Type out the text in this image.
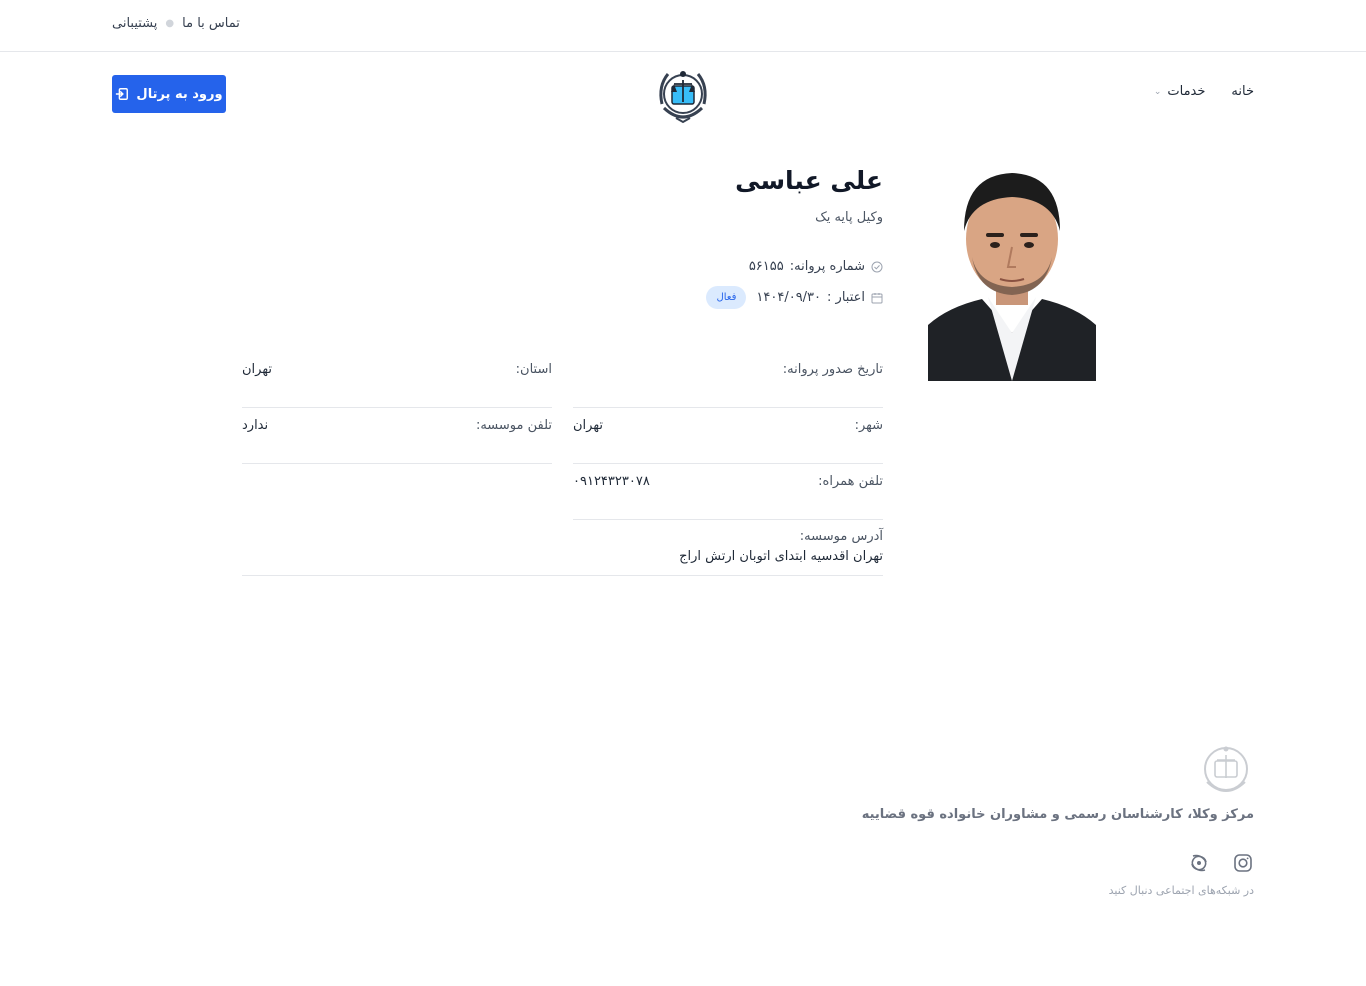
تماس با ما
●
پشتیبانی
خانه
خدمات
⌄
ورود به پرتال
علی عباسی
وکیل پایه یک
شماره پروانه:
۵۶۱۵۵
اعتبار :
۱۴۰۴/۰۹/۳۰
فعال
تاریخ صدور پروانه:
استان:
تهران
شهر:
تهران
تلفن موسسه:
ندارد
تلفن همراه:
۰۹۱۲۴۳۲۳۰۷۸
آدرس موسسه:
تهران اقدسیه ابتدای اتوبان ارتش اراج
مرکز وکلا، کارشناسان رسمی و مشاوران خانواده قوه قضاییه
در شبکه‌های اجتماعی دنبال کنید
